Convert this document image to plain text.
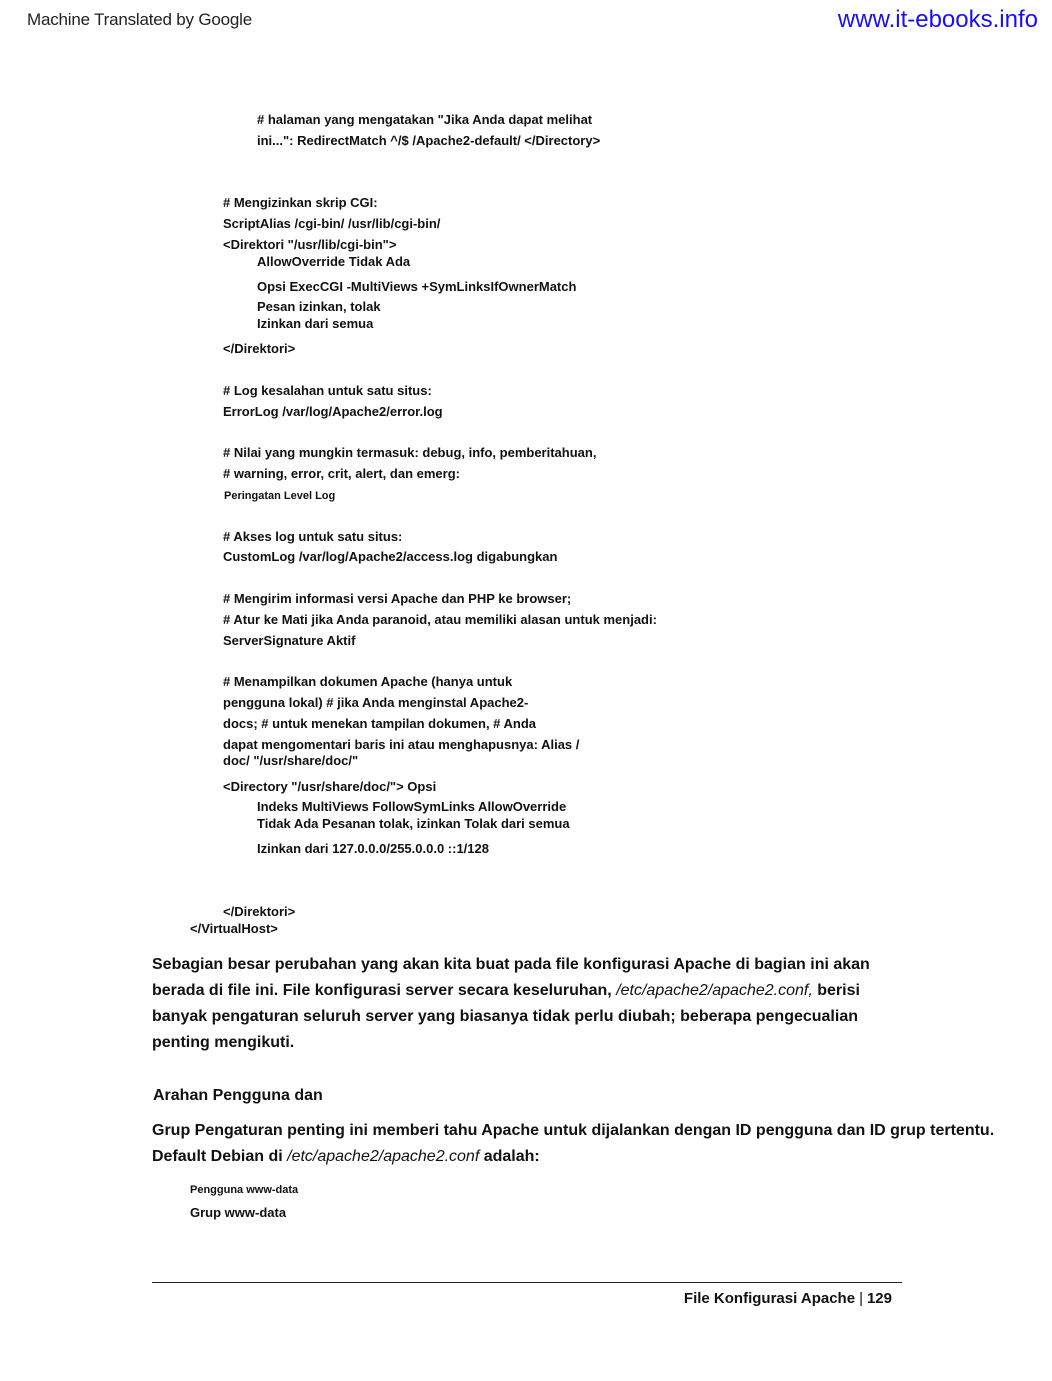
Machine Translated by Google	www.it-ebooks.info
# halaman yang mengatakan "Jika Anda dapat melihat
ini...": RedirectMatch ^/$ /Apache2-default/ </Directory>
# Mengizinkan skrip CGI:
ScriptAlias /cgi-bin/ /usr/lib/cgi-bin/
<Direktori "/usr/lib/cgi-bin">
AllowOverride Tidak Ada
Opsi ExecCGI -MultiViews +SymLinksIfOwnerMatch
Pesan izinkan, tolak
Izinkan dari semua
</Direktori>
# Log kesalahan untuk satu situs:
ErrorLog /var/log/Apache2/error.log
# Nilai yang mungkin termasuk: debug, info, pemberitahuan,
# warning, error, crit, alert, dan emerg:
Peringatan Level Log
# Akses log untuk satu situs:
CustomLog /var/log/Apache2/access.log digabungkan
# Mengirim informasi versi Apache dan PHP ke browser;
# Atur ke Mati jika Anda paranoid, atau memiliki alasan untuk menjadi:
ServerSignature Aktif
# Menampilkan dokumen Apache (hanya untuk
pengguna lokal) # jika Anda menginstal Apache2-
docs; # untuk menekan tampilan dokumen, # Anda
dapat mengomentari baris ini atau menghapusnya: Alias /
doc/ "/usr/share/doc/"
<Directory "/usr/share/doc/"> Opsi
Indeks MultiViews FollowSymLinks AllowOverride
Tidak Ada Pesanan tolak, izinkan Tolak dari semua
Izinkan dari 127.0.0.0/255.0.0.0 ::1/128
</Direktori>
</VirtualHost>
Sebagian besar perubahan yang akan kita buat pada file konfigurasi Apache di bagian ini akan
berada di file ini. File konfigurasi server secara keseluruhan, /etc/apache2/apache2.conf, berisi
banyak pengaturan seluruh server yang biasanya tidak perlu diubah; beberapa pengecualian
penting mengikuti.
Arahan Pengguna dan
Grup Pengaturan penting ini memberi tahu Apache untuk dijalankan dengan ID pengguna dan ID grup tertentu.
Default Debian di /etc/apache2/apache2.conf adalah:
Pengguna www-data
Grup www-data
File Konfigurasi Apache | 129
